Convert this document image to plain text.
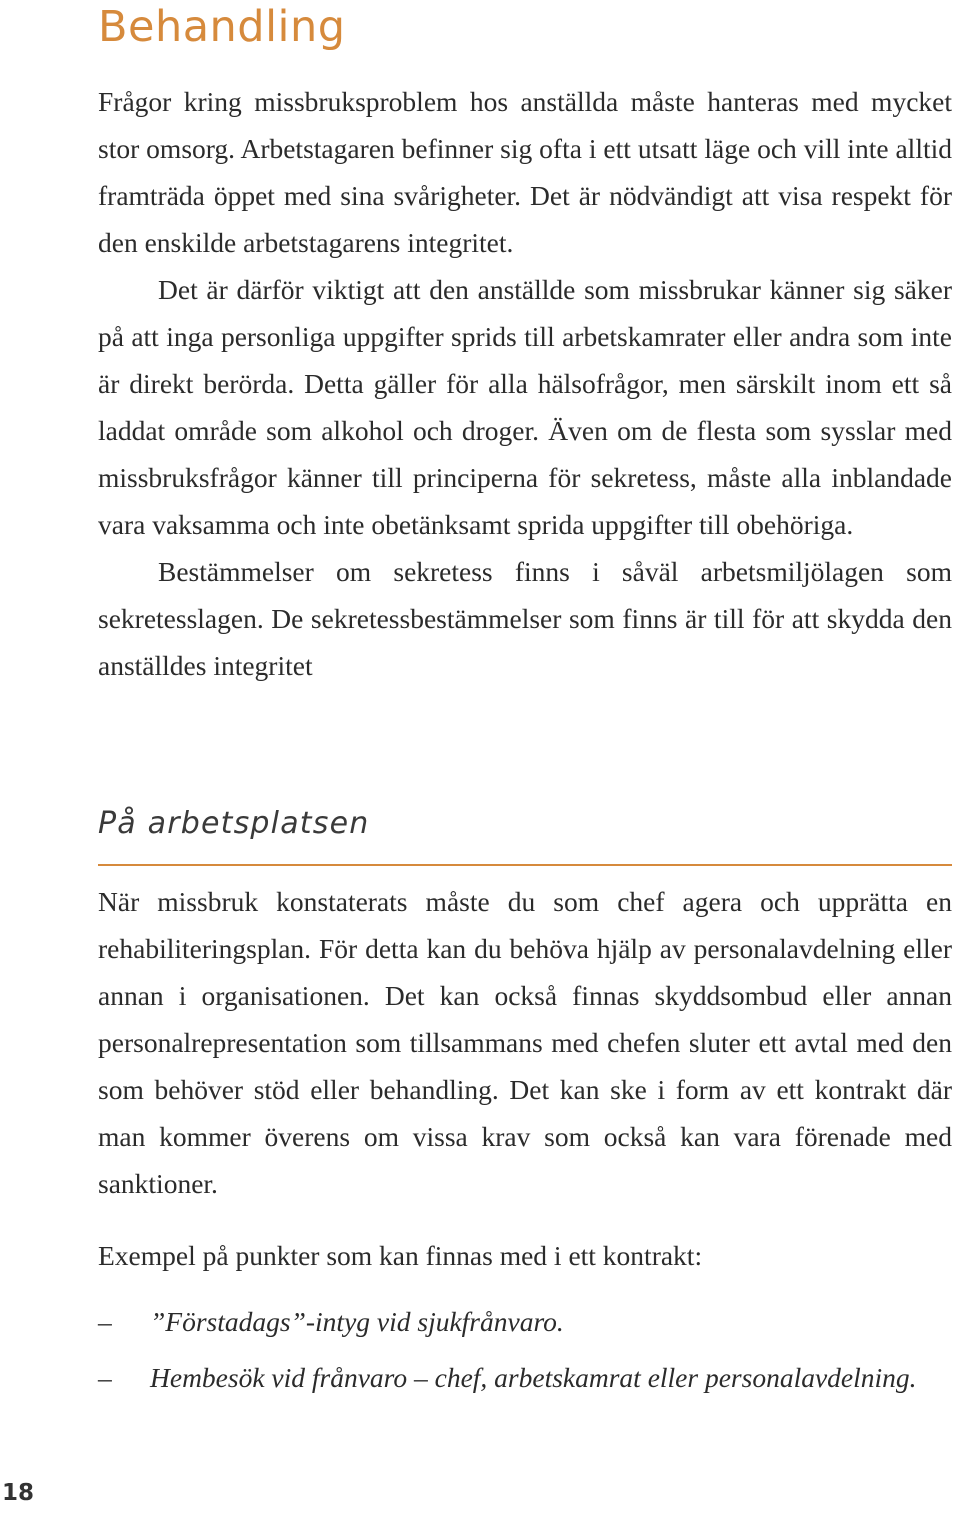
Behandling

Frågor kring missbruksproblem hos anställda måste hanteras med mycket stor omsorg. Arbetstagaren befinner sig ofta i ett utsatt läge och vill inte alltid framträda öppet med sina svårigheter. Det är nödvändigt att visa respekt för den enskilde arbetstagarens integritet.

Det är därför viktigt att den anställde som missbrukar känner sig säker på att inga personliga uppgifter sprids till arbetskamrater eller andra som inte är direkt berörda. Detta gäller för alla hälsofrågor, men särskilt inom ett så laddat område som alkohol och droger. Även om de flesta som sysslar med missbruksfrågor känner till principerna för sekretess, måste alla inblandade vara vaksamma och inte obetänksamt sprida uppgifter till obehöriga.

Bestämmelser om sekretess finns i såväl arbetsmiljölagen som sekretesslagen. De sekretessbestämmelser som finns är till för att skydda den anställdes integritet

På arbetsplatsen

När missbruk konstaterats måste du som chef agera och upprätta en rehabiliteringsplan. För detta kan du behöva hjälp av personalavdelning eller annan i organisationen. Det kan också finnas skyddsombud eller annan personalrepresentation som tillsammans med chefen sluter ett avtal med den som behöver stöd eller behandling. Det kan ske i form av ett kontrakt där man kommer överens om vissa krav som också kan vara förenade med sanktioner.

Exempel på punkter som kan finnas med i ett kontrakt:

– ”Förstadags”-intyg vid sjukfrånvaro.
– Hembesök vid frånvaro – chef, arbetskamrat eller personalavdelning.
18
